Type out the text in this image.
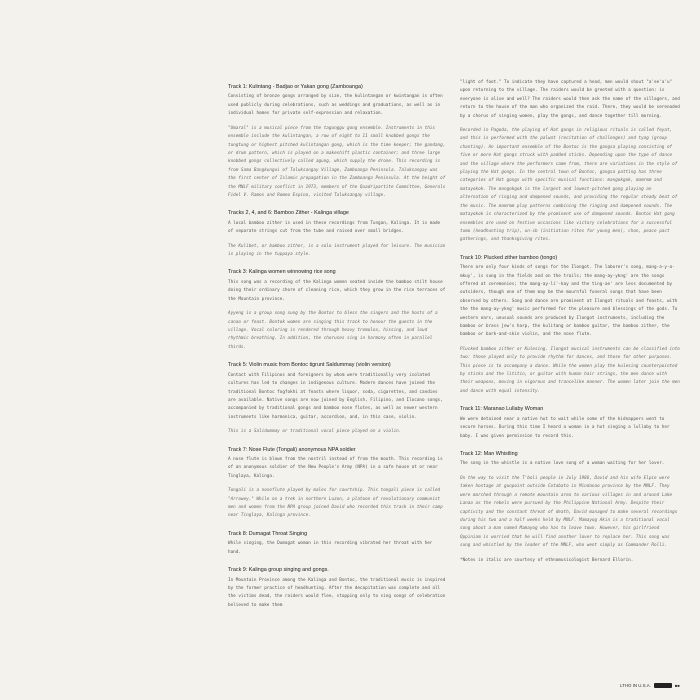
Track 1: Kulintang - Badjao or Yakan gong (Zamboanga)

Consisting of bronze gongs arranged by size, the kulintangan or kwintangan is often used publicly during celebrations, such as weddings and graduations, as well as in individual homes for private self-expression and relaxation.

"Umaral" is a musical piece from the tagunggu gong ensemble. Instruments in this ensemble include the kulintangan, a row of eight to 11 small knobbed gongs the tungtung or highest pitched kulintangan gong, which is the time keeper; the gandang, or drum pattern, which is played on a makeshift plastic container; and three large knobbed gongs collectively called agung, which supply the drone. This recording is from Sama Bangkungui of Taluksangay Village, Zamboanga Peninsula. Taluksangay was the first center of Islamic propagation in the Zamboanga Peninsula. At the height of the MNLF military conflict in 1973, members of the Quadripartite Committee, Generals Fidel V. Ramos and Romeo Espino, visited Taluksangay village.

Tracks 2, 4, and 6: Bamboo Zither - Kalinga village

A local bamboo zither is used in these recordings from Tungan, Kalinga. It is made of separate strings cut from the tube and raised over small bridges.

The Kulibet, or bamboo zither, is a solo instrument played for leisure. The musician is playing in the tuppaya style.

Track 3: Kalinga women winnowing rice song

This song was a recording of the Kalinga women seated inside the bamboo stilt house doing their ordinary chore of cleaning rice, which they grow in the rice terraces of the Mountain province.

Ayyeng is a group song sung by the Bontoc to bless the singers and the hosts of a canao or feast. Bontok women are singing this track to honour the guests in the village. Vocal coloring is rendered through heavy tremolos, hissing, and loud rhythmic breathing. In addition, the choruses sing in harmony often in parallel thirds.

Track 5: Violin music from Bontoc tigrunt Saldummay (violin version)

Contact with Filipinos and foreigners by whom were traditionally very isolated cultures has led to changes in indigenous culture. Modern dances have joined the traditional Bontoc fogfokhi at feasts where liquor, soda, cigarettes, and candies are available. Native songs are now joined by English, Filipino, and Ilocano songs, accompanied by traditional gongs and bamboo nose flutes, as well as newer western instruments like harmonica, guitar, accordion, and, in this case, violin.

This is a Salidummay or traditional vocal piece played on a violin.

Track 7: Nose Flute (Tongali) anonymous NPA soldier

A nose flute is blown from the nostril instead of from the mouth. This recording is of an anonymous soldier of the New People's Army (NPA) in a safe house at or near Tinglaya, Kalinga.

Tongali is a noseflute played by males for courtship. This tongali piece is called "Arrowey." While on a trek in northern Luzon, a platoon of revolutionary communist men and women from the NPA group joined David who recorded this track in their camp near Tinglaya, Kalinga province.

Track 8: Dumagat Throat Singing

While singing, the Dumagat woman in this recording vibrated her throat with her hand.

Track 9: Kalinga group singing and gongs.

In Mountain Province among the Kalinga and Bontoc, the traditional music is inspired by the former practice of headhunting. After the decapitation was complete and all the victims dead, the raiders would flee, stopping only to sing songs of celebration believed to make them

"light of foot." To indicate they have captured a head, men would shout "a'ee'a'u" upon returning to the village. The raiders would be greeted with a question: is everyone is alive and well? The raiders would then ask the name of the villagers, and return to the house of the man who organized the raid. There, they would be serenaded by a chorus of singing women, play the gongs, and dance together till morning.

Recorded in Pagoda, the playing of Hat gongs in religious rituals is called feyat, and this is performed with the palwat (recitation of challenges) and tyag (group chanting). An important ensemble of the Bontoc is the gangsa playing consisting of five or more Hat gongs struck with padded sticks. Depending upon the type of dance and the village where the performers came from, there are variations in the style of playing the Hat gongs. In the central town of Bontoc, gangsa patting has three categories of Hat gongs with specific musical functions: mangokgok, mamrmm and matayokok. The mangokgok is the largest and lowest-pitched gong playing an alternation of ringing and dampened sounds, and providing the regular steady beat of the music. The mamrmm play patterns combining the ringing and dampened sounds. The matayokok is characterized by the prominent use of dampened sounds. Bontoc Hat gong ensembles are used on festive occasions like victory celebrations for a successful tumo (headhunting trip), un-sb (initiation rites for young men), chon, peace pact gatherings, and thanksgiving rites.

Track 10: Plucked zither bamboo (tongo)

There are only four kinds of songs for the Ilongot. The laborer's song, mang-a-y-a-mkuy', is sung in the fields and on the trails; the mang-ay-ykng' are the songs offered at ceremonies; the mang-ay-li'-kay and the ting-ae' are less documented by outsiders, though one of them may be the mournful funeral songs that have been observed by others. Song and dance are prominent at Ilongot rituals and feasts, with the the mang-ay-ykng' music performed for the pleasure and blessings of the gods. To western ears, unusual sounds are produced by Ilongot instruments, including the bamboo or brass jew's harp, the kulitang or bamboo guitar, the bamboo zither, the bamboo or bark-and-skin violin, and the nose flute.

Plucked bamboo zither or Kulesing. Ilongot musical instruments can be classified into two: those played only to provide rhythm for dances, and those for other purposes. This piece is to accompany a dance. While the women play the kulesing counterpointed by sticks and the lititin, or guitar with human hair strings, the men dance with their weapons, moving in vigorous and trancelike manner. The women later join the men and dance with equal intensity.

Track 11: Maranao Lullaby Woman

We were detained near a native hut to wait while some of the kidnappers went to secure horses. During this time I heard a woman in a hut singing a lullaby to her baby. I was given permission to record this.

Track 12: Man Whistling

The song in the whistle is a native love song of a woman waiting for her lover.

On the way to visit the T'boli people in July 1986, David and his wife Elpie were taken hostage at gunpoint outside Cotabato in Mindanao province by the MNLF. They were marched through a remote mountain area to various villages in and around Lake Lanao as the rebels were pursued by the Philippine National Army. Despite their captivity and the constant threat of death, David managed to make several recordings during his two and a half weeks held by MNLF. Mamayog Akin is a traditional vocal song about a man named Mamayog who has to leave town. However, his girlfriend Oppiniam is worried that he will find another lover to replace her. This song was sung and whistled by the leader of the MNLF, who went simply as Commander Rolli.

*Notes in italic are courtesy of ethnomusicologist Bernard Ellorin.

LTHO IN U.S.A.	■■
